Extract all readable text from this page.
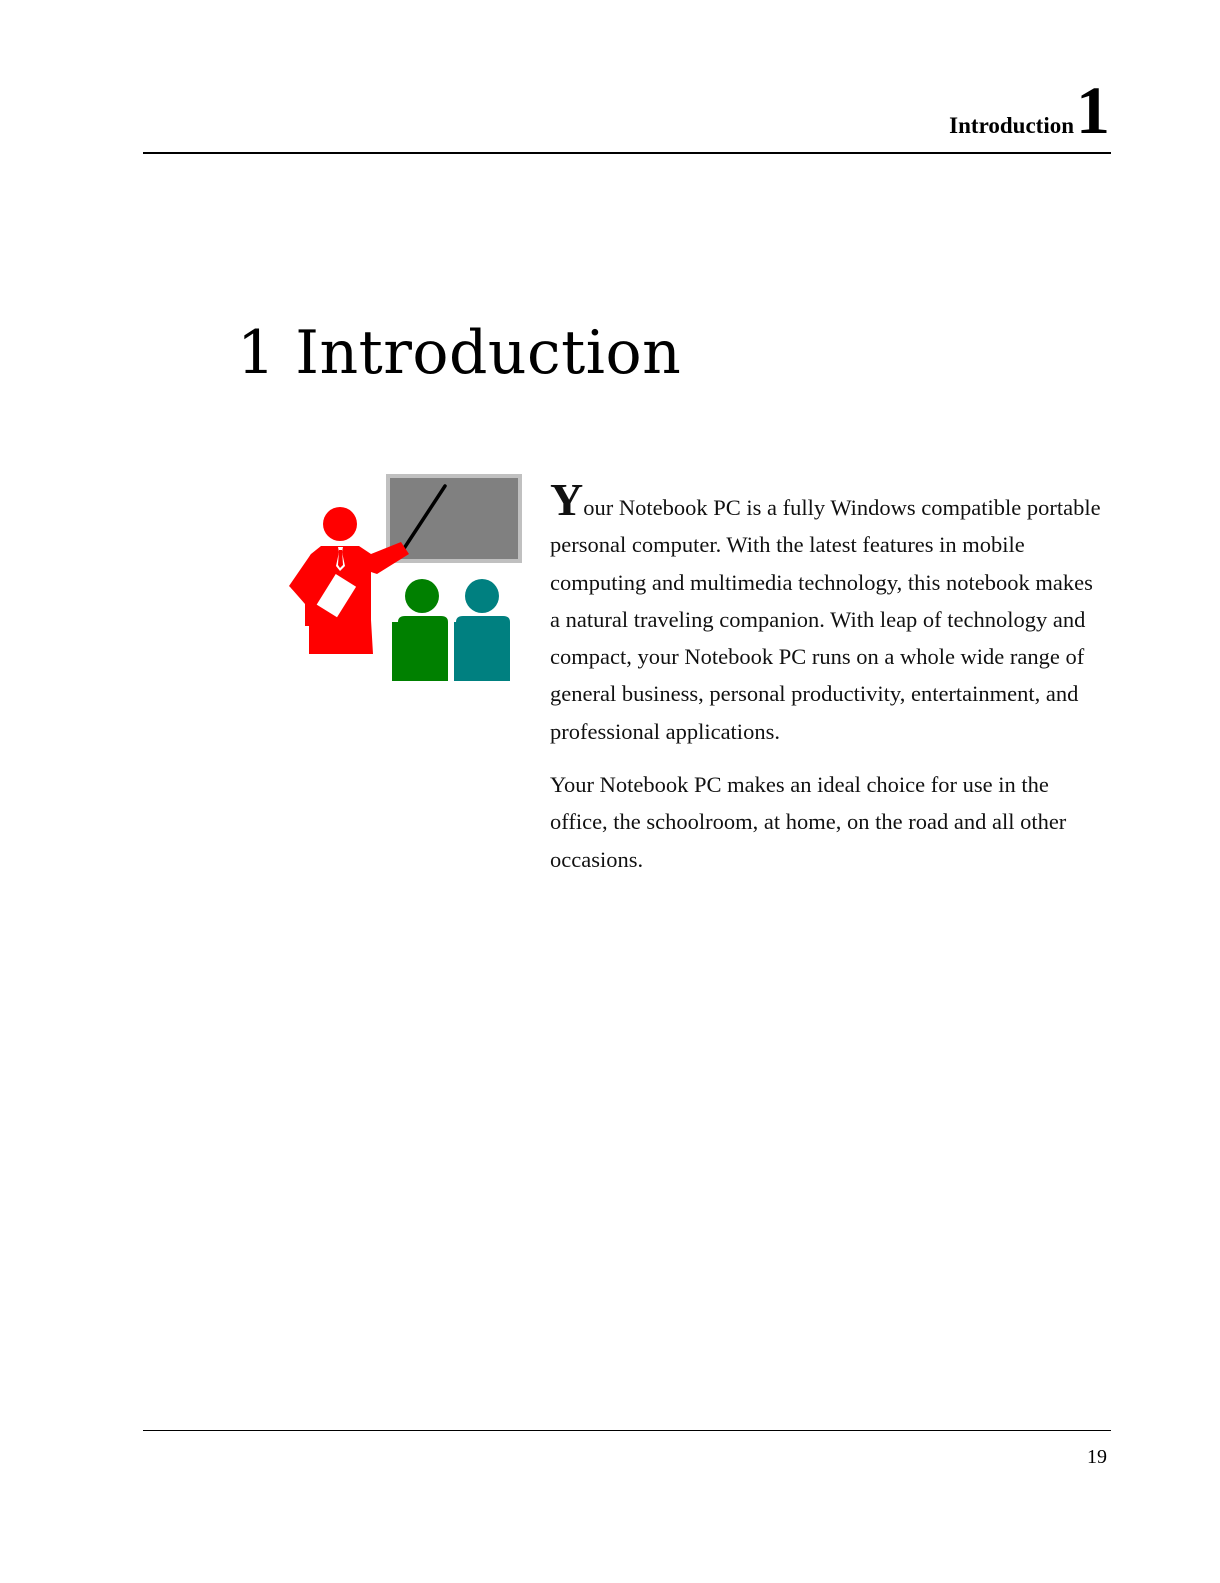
Introduction 1
1 Introduction

Your Notebook PC is a fully Windows compatible portable personal computer. With the latest features in mobile computing and multimedia technology, this notebook makes a natural traveling companion. With leap of technology and compact, your Notebook PC runs on a whole wide range of general business, personal productivity, entertainment, and professional applications.

Your Notebook PC makes an ideal choice for use in the office, the schoolroom, at home, on the road and all other occasions.

19
